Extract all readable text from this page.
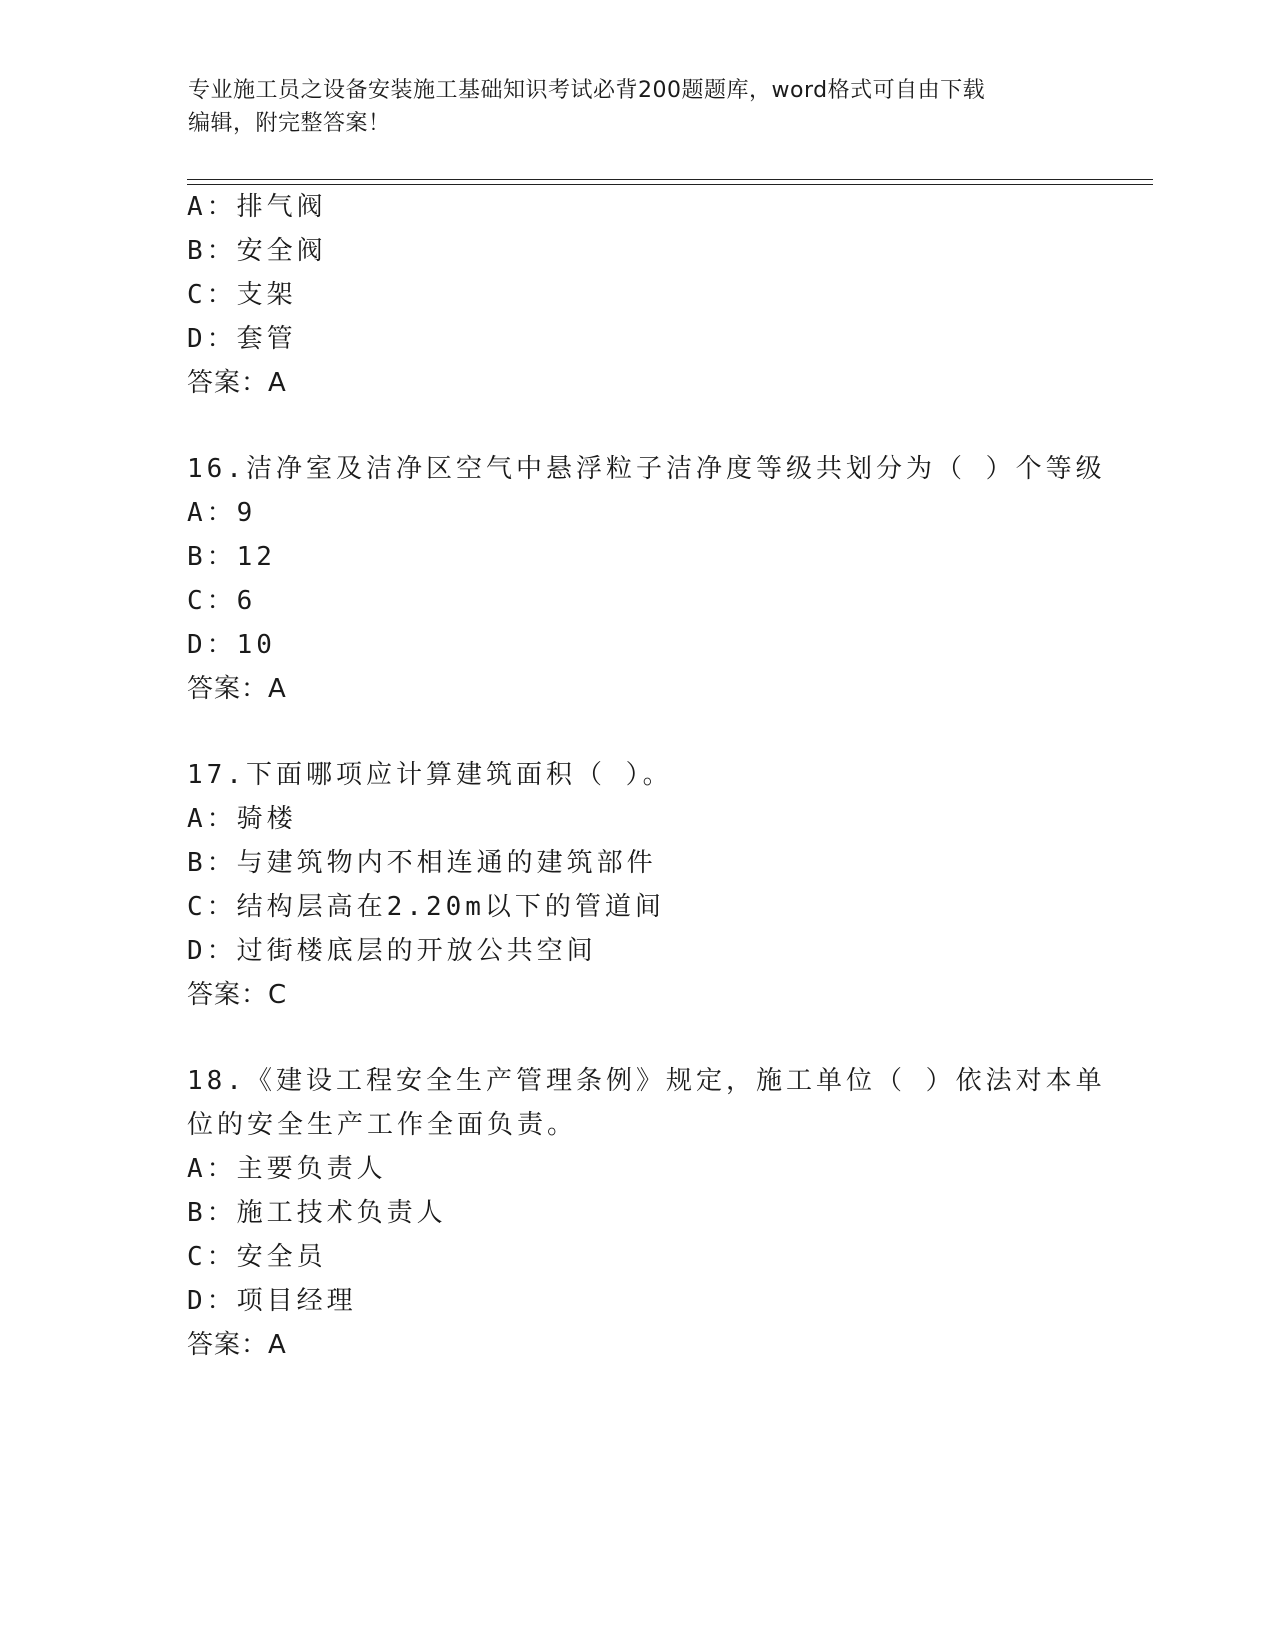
专业施工员之设备安装施工基础知识考试必背200题题库，word格式可自由下载
编辑，附完整答案！
A：排气阀
B：安全阀
C：支架
D：套管
答案：A
16.洁净室及洁净区空气中悬浮粒子洁净度等级共划分为（ ）个等级
A：9
B：12
C：6
D：10
答案：A
17.下面哪项应计算建筑面积（ ）。
A：骑楼
B：与建筑物内不相连通的建筑部件
C：结构层高在2.20m以下的管道间
D：过街楼底层的开放公共空间
答案：C
18.《建设工程安全生产管理条例》规定，施工单位（ ）依法对本单
位的安全生产工作全面负责。
A：主要负责人
B：施工技术负责人
C：安全员
D：项目经理
答案：A
